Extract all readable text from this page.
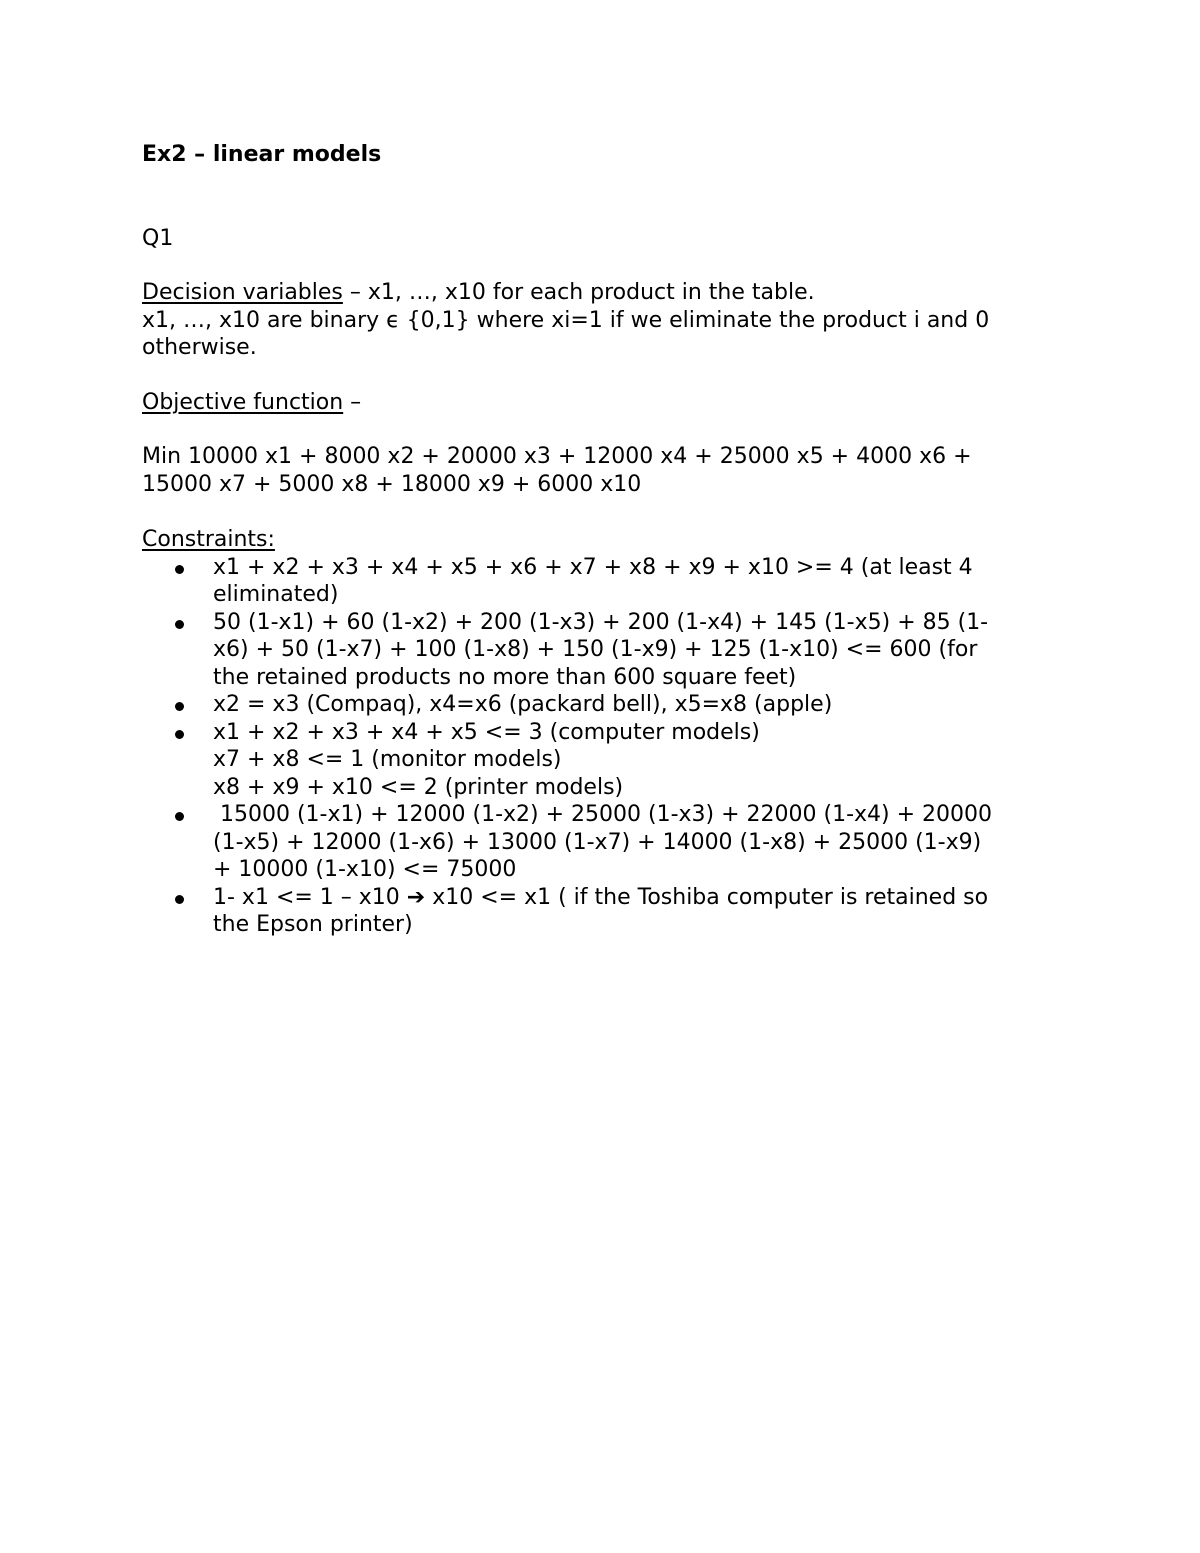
Ex2 – linear models
Q1
Decision variables – x1, …, x10 for each product in the table.
x1, …, x10 are binary ϵ {0,1} where xi=1 if we eliminate the product i and 0
otherwise.
Objective function –
Min 10000 x1 + 8000 x2 + 20000 x3 + 12000 x4 + 25000 x5 + 4000 x6 +
15000 x7 + 5000 x8 + 18000 x9 + 6000 x10
Constraints:
x1 + x2 + x3 + x4 + x5 + x6 + x7 + x8 + x9 + x10 >= 4 (at least 4
eliminated)
50 (1-x1) + 60 (1-x2) + 200 (1-x3) + 200 (1-x4) + 145 (1-x5) + 85 (1-
x6) + 50 (1-x7) + 100 (1-x8) + 150 (1-x9) + 125 (1-x10) <= 600 (for
the retained products no more than 600 square feet)
x2 = x3 (Compaq), x4=x6 (packard bell), x5=x8 (apple)
x1 + x2 + x3 + x4 + x5 <= 3 (computer models)
x7 + x8 <= 1 (monitor models)
x8 + x9 + x10 <= 2 (printer models)
15000 (1-x1) + 12000 (1-x2) + 25000 (1-x3) + 22000 (1-x4) + 20000
(1-x5) + 12000 (1-x6) + 13000 (1-x7) + 14000 (1-x8) + 25000 (1-x9)
+ 10000 (1-x10) <= 75000
1- x1 <= 1 – x10 ➔ x10 <= x1 ( if the Toshiba computer is retained so
the Epson printer)
